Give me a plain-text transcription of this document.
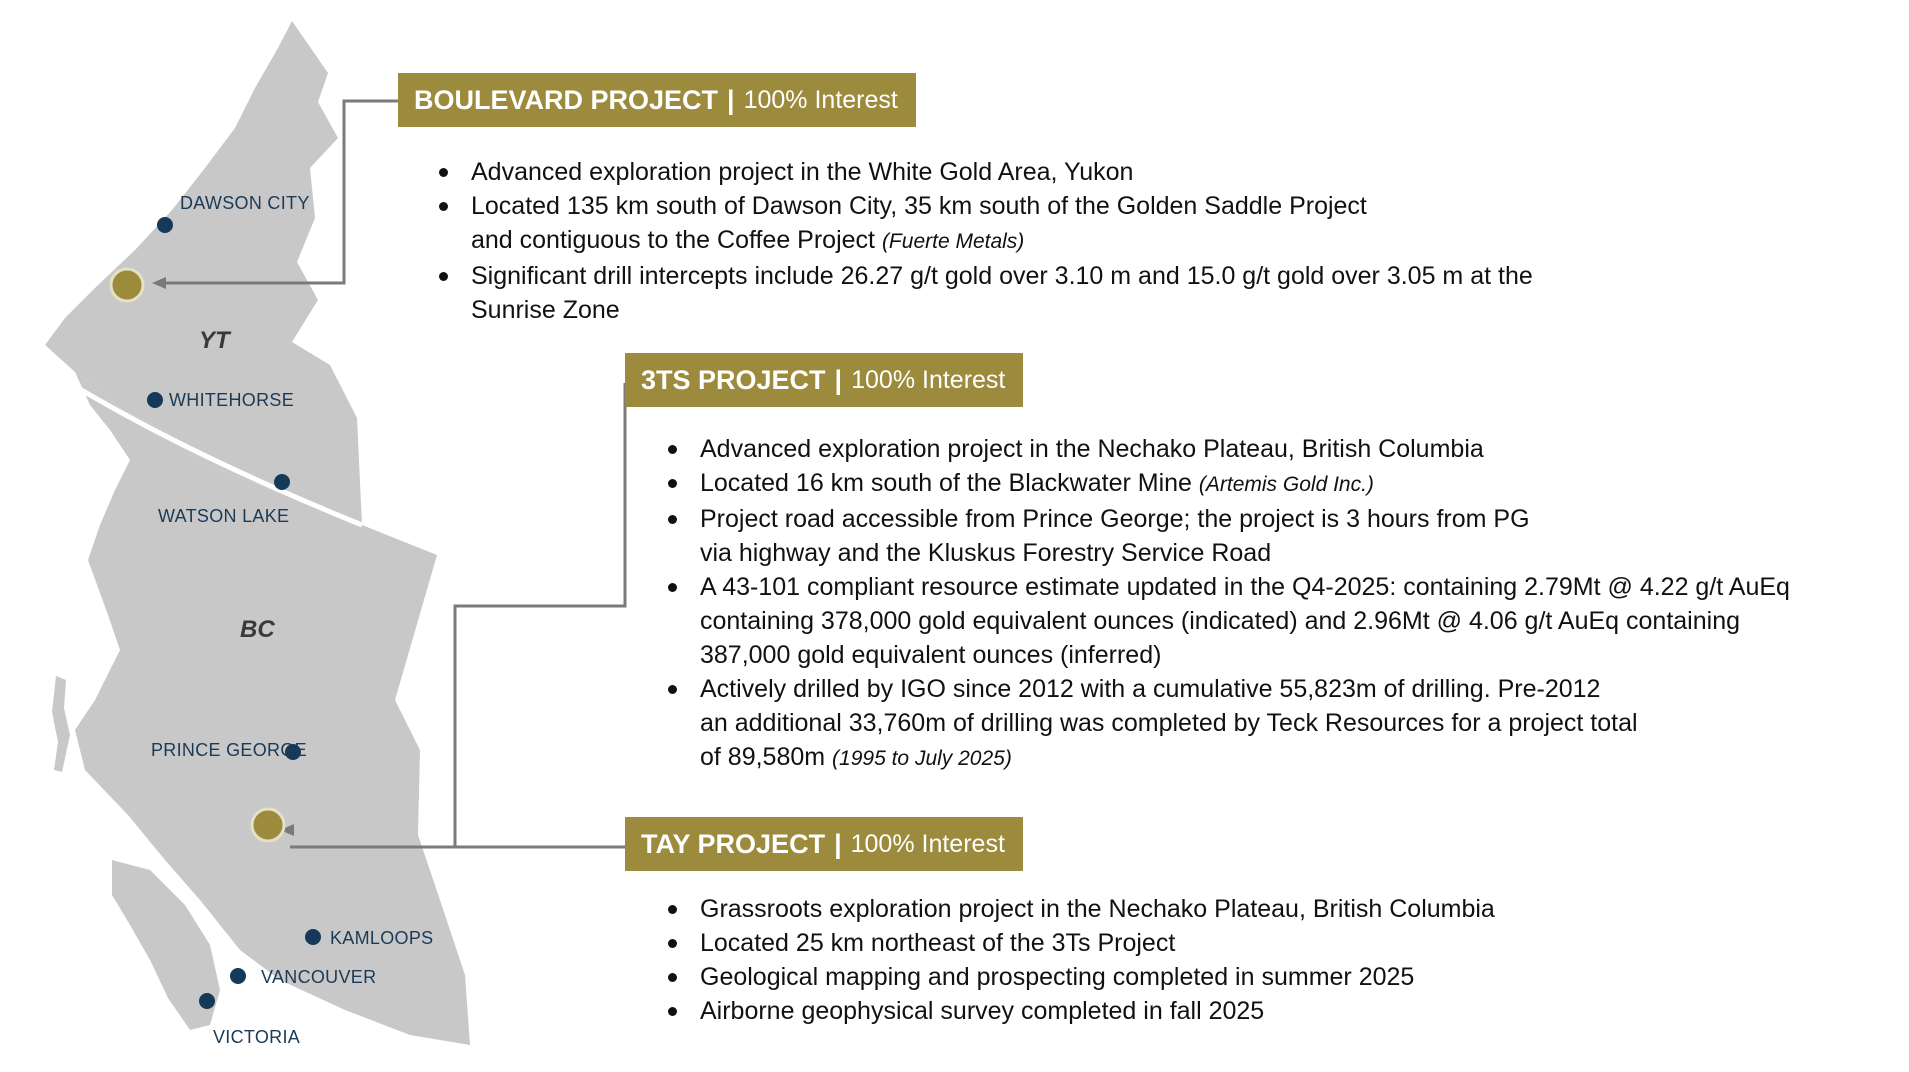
DAWSON CITY
WHITEHORSE
WATSON LAKE
PRINCE GEORGE
KAMLOOPS
VANCOUVER
VICTORIA
YT
BC
BOULEVARD PROJECT | 100% Interest
Advanced exploration project in the White Gold Area, Yukon
Located 135 km south of Dawson City, 35 km south of the Golden Saddle Project
and contiguous to the Coffee Project (Fuerte Metals)
Significant drill intercepts include 26.27 g/t gold over 3.10 m and 15.0 g/t gold over 3.05 m at the
Sunrise Zone
3TS PROJECT | 100% Interest
Advanced exploration project in the Nechako Plateau, British Columbia
Located 16 km south of the Blackwater Mine (Artemis Gold Inc.)
Project road accessible from Prince George; the project is 3 hours from PG
via highway and the Kluskus Forestry Service Road
A 43-101 compliant resource estimate updated in the Q4-2025: containing 2.79Mt @ 4.22 g/t AuEq
containing 378,000 gold equivalent ounces (indicated) and 2.96Mt @ 4.06 g/t AuEq containing
387,000 gold equivalent ounces (inferred)
Actively drilled by IGO since 2012 with a cumulative 55,823m of drilling. Pre-2012
an additional 33,760m of drilling was completed by Teck Resources for a project total
of 89,580m (1995 to July 2025)
TAY PROJECT | 100% Interest
Grassroots exploration project in the Nechako Plateau, British Columbia
Located 25 km northeast of the 3Ts Project
Geological mapping and prospecting completed in summer 2025
Airborne geophysical survey completed in fall 2025
